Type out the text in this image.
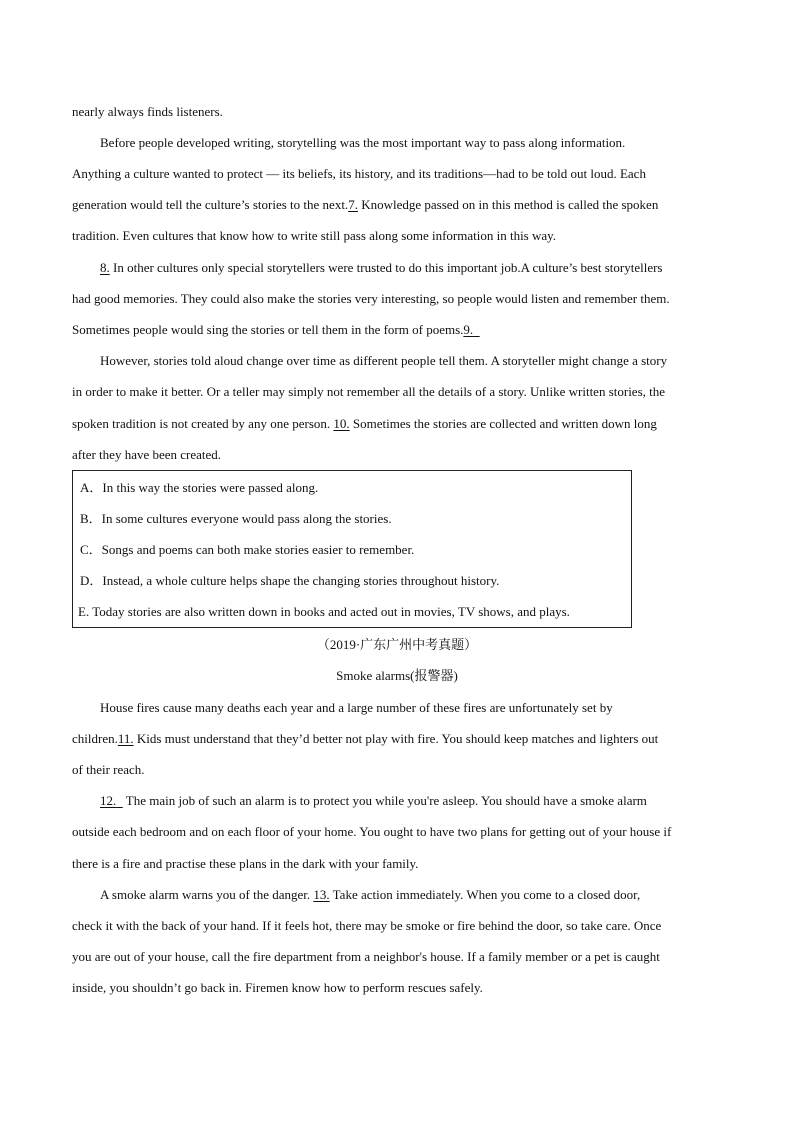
nearly always finds listeners.
Before people developed writing, storytelling was the most important way to pass along information.
Anything a culture wanted to protect — its beliefs, its history, and its traditions—had to be told out loud. Each
generation would tell the culture’s stories to the next.7. Knowledge passed on in this method is called the spoken
tradition. Even cultures that know how to write still pass along some information in this way.
8. In other cultures only special storytellers were trusted to do this important job.A culture’s best storytellers
had good memories. They could also make the stories very interesting, so people would listen and remember them.
Sometimes people would sing the stories or tell them in the form of poems.9.
However, stories told aloud change over time as different people tell them. A storyteller might change a story
in order to make it better. Or a teller may simply not remember all the details of a story. Unlike written stories, the
spoken tradition is not created by any one person. 10. Sometimes the stories are collected and written down long
after they have been created.
A．In this way the stories were passed along.
B．In some cultures everyone would pass along the stories.
C．Songs and poems can both make stories easier to remember.
D．Instead, a whole culture helps shape the changing stories throughout history.
E. Today stories are also written down in books and acted out in movies, TV shows, and plays.
（2019·广东广州中考真题）
Smoke alarms(报警器)
House fires cause many deaths each year and a large number of these fires are unfortunately set by
children.11. Kids must understand that they’d better not play with fire. You should keep matches and lighters out
of their reach.
12.   The main job of such an alarm is to protect you while you're asleep. You should have a smoke alarm
outside each bedroom and on each floor of your home. You ought to have two plans for getting out of your house if
there is a fire and practise these plans in the dark with your family.
A smoke alarm warns you of the danger. 13. Take action immediately. When you come to a closed door,
check it with the back of your hand. If it feels hot, there may be smoke or fire behind the door, so take care. Once
you are out of your house, call the fire department from a neighbor's house. If a family member or a pet is caught
inside, you shouldn’t go back in. Firemen know how to perform rescues safely.
